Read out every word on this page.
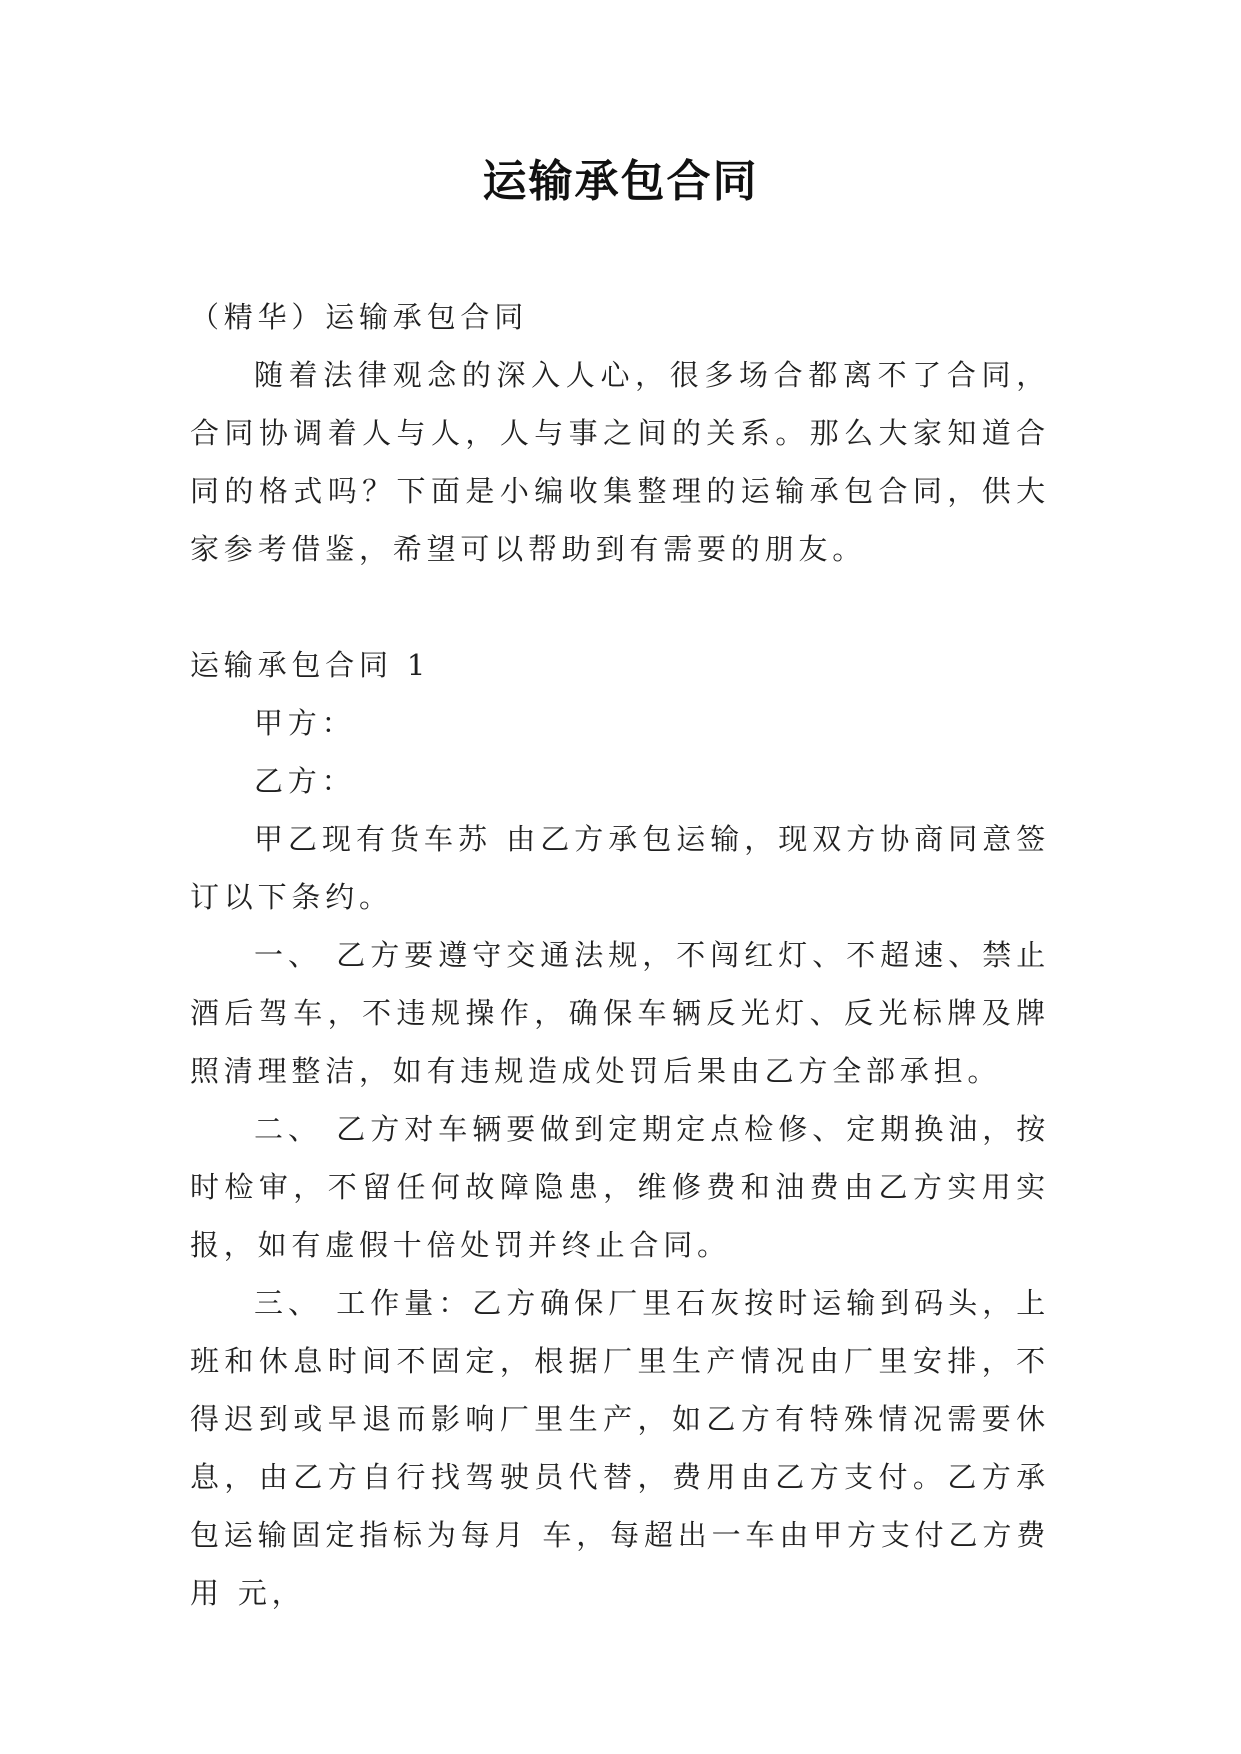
运输承包合同

（精华）运输承包合同

随着法律观念的深入人心，很多场合都离不了合同，合同协调着人与人，人与事之间的关系。那么大家知道合同的格式吗？下面是小编收集整理的运输承包合同，供大家参考借鉴，希望可以帮助到有需要的朋友。

运输承包合同 1

甲方：

乙方：

甲乙现有货车苏 由乙方承包运输，现双方协商同意签订以下条约。

一、 乙方要遵守交通法规，不闯红灯、不超速、禁止酒后驾车，不违规操作，确保车辆反光灯、反光标牌及牌照清理整洁，如有违规造成处罚后果由乙方全部承担。

二、 乙方对车辆要做到定期定点检修、定期换油，按时检审，不留任何故障隐患，维修费和油费由乙方实用实报，如有虚假十倍处罚并终止合同。

三、 工作量：乙方确保厂里石灰按时运输到码头，上班和休息时间不固定，根据厂里生产情况由厂里安排，不得迟到或早退而影响厂里生产，如乙方有特殊情况需要休息，由乙方自行找驾驶员代替，费用由乙方支付。乙方承包运输固定指标为每月 车，每超出一车由甲方支付乙方费用 元，
